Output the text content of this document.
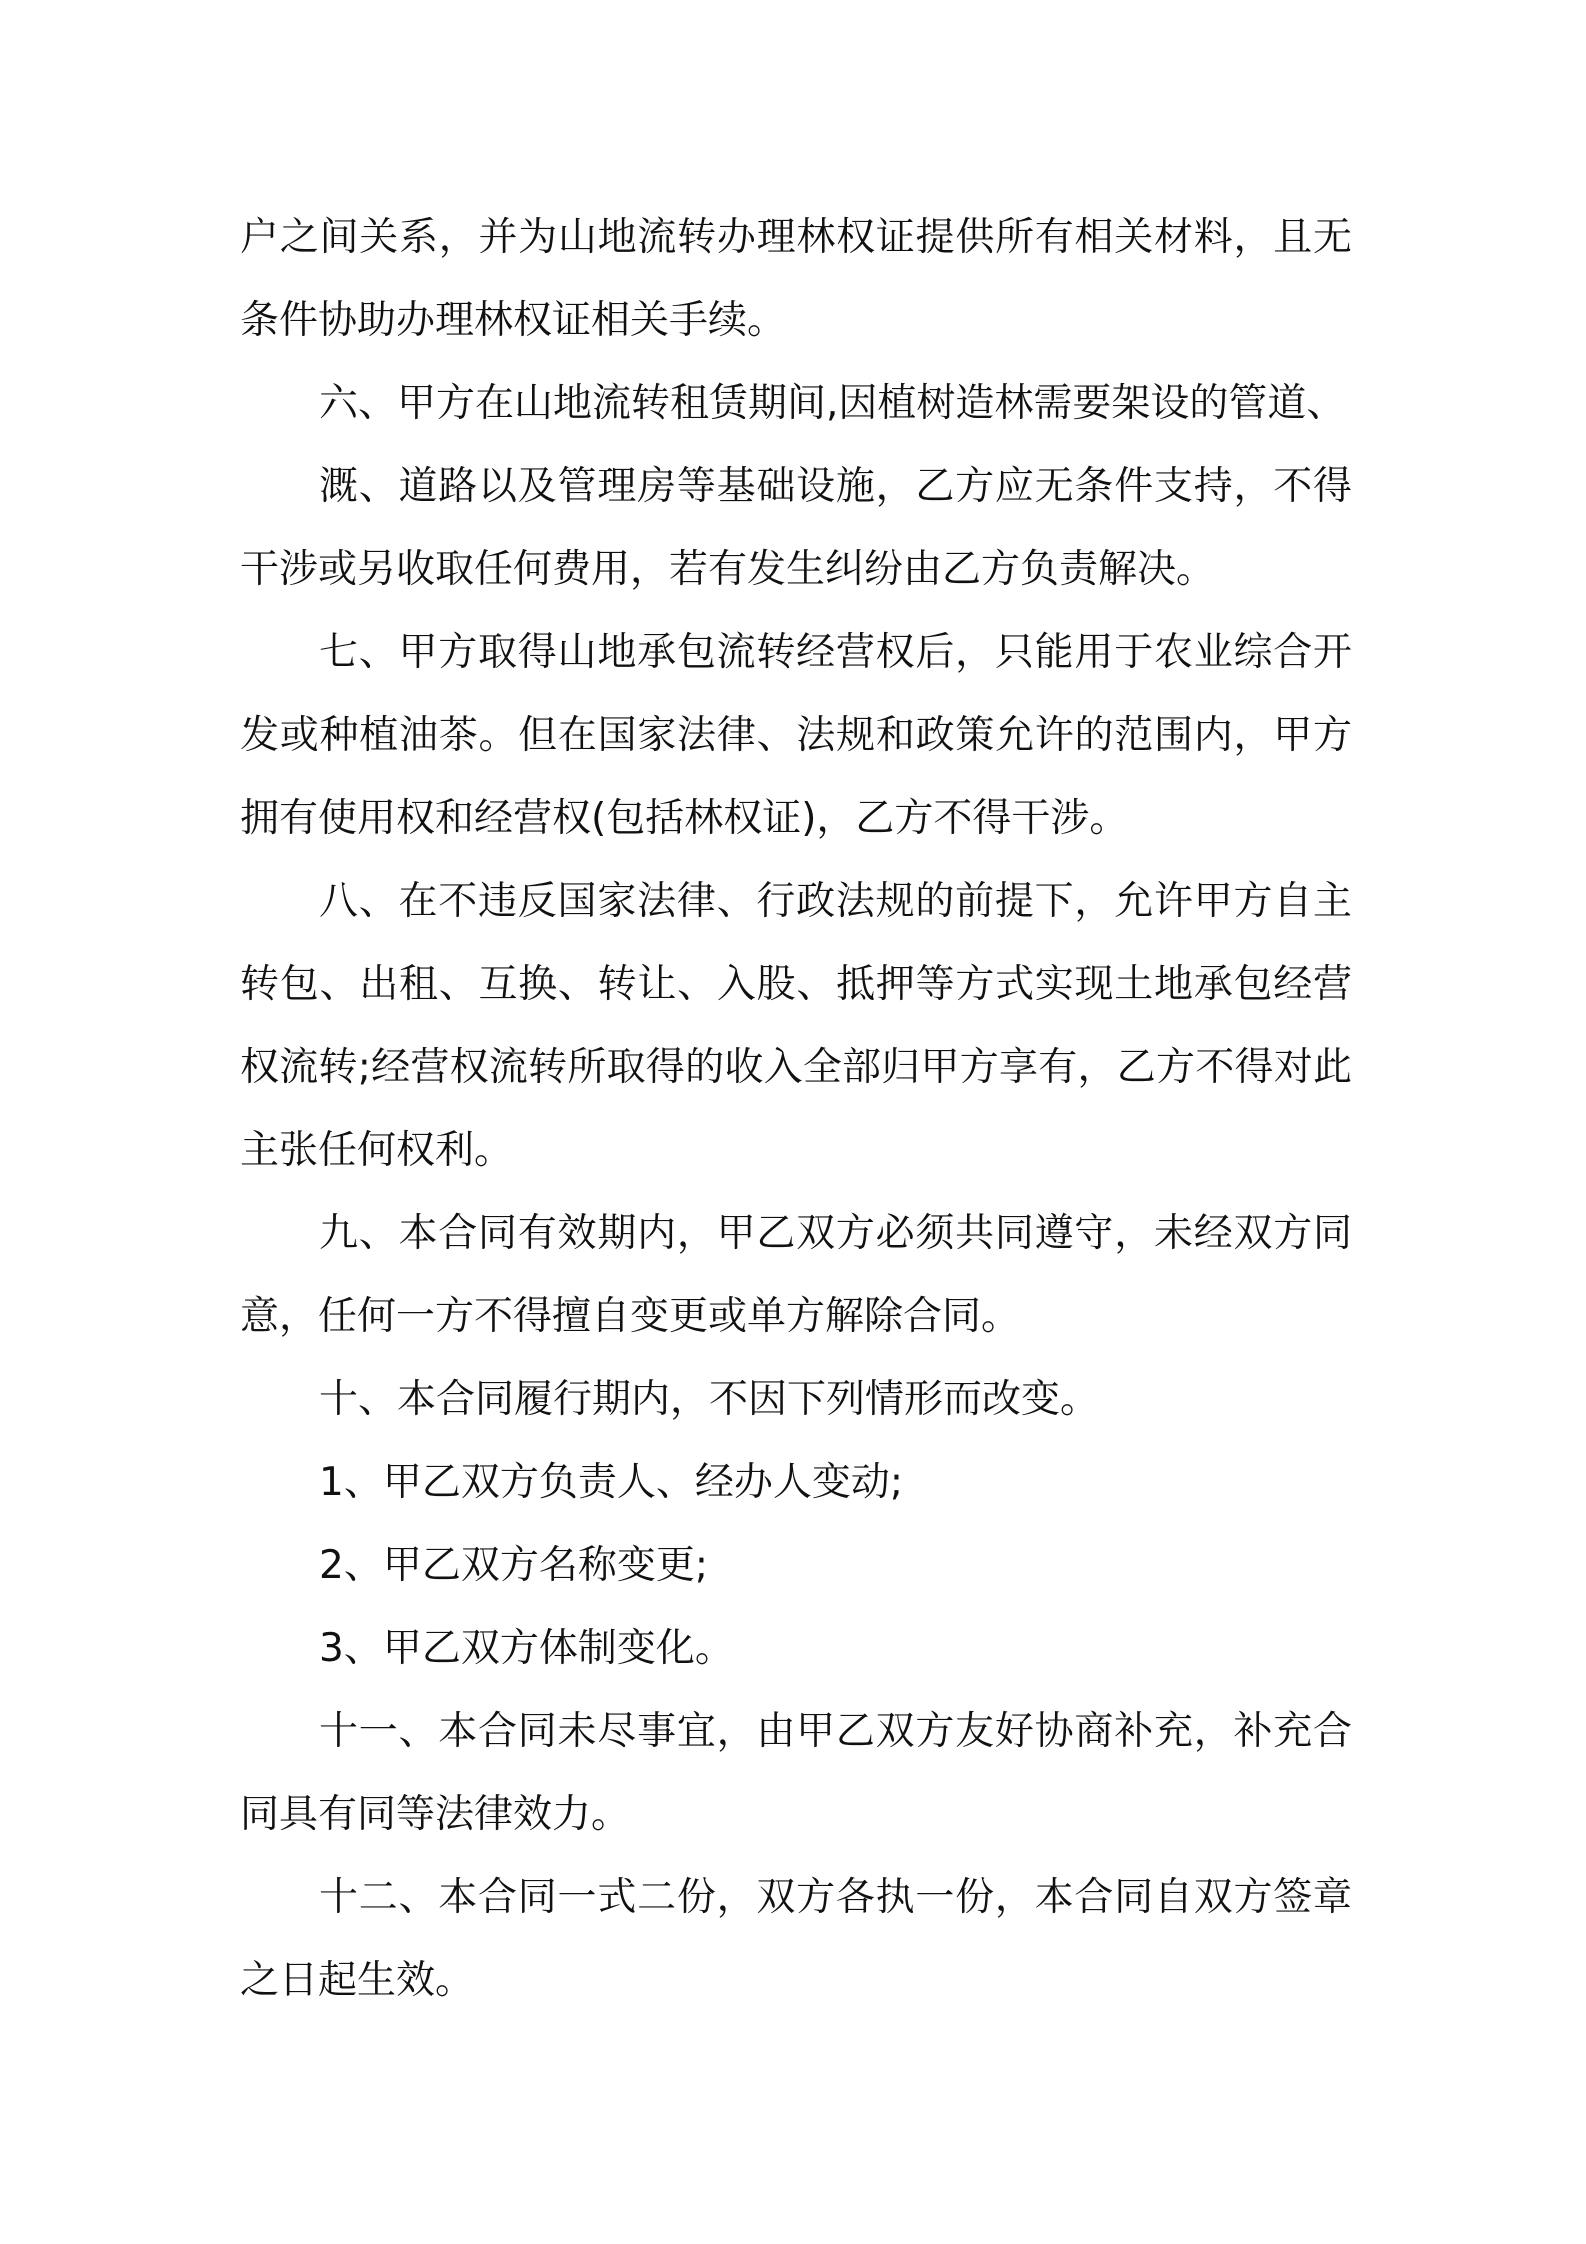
户之间关系，并为山地流转办理林权证提供所有相关材料，且无条件协助办理林权证相关手续。

六、甲方在山地流转租赁期间,因植树造林需要架设的管道、

溉、道路以及管理房等基础设施，乙方应无条件支持，不得干涉或另收取任何费用，若有发生纠纷由乙方负责解决。

七、甲方取得山地承包流转经营权后，只能用于农业综合开发或种植油茶。但在国家法律、法规和政策允许的范围内，甲方拥有使用权和经营权(包括林权证)，乙方不得干涉。

八、在不违反国家法律、行政法规的前提下，允许甲方自主转包、出租、互换、转让、入股、抵押等方式实现土地承包经营权流转;经营权流转所取得的收入全部归甲方享有，乙方不得对此主张任何权利。

九、本合同有效期内，甲乙双方必须共同遵守，未经双方同意，任何一方不得擅自变更或单方解除合同。

十、本合同履行期内，不因下列情形而改变。

1、甲乙双方负责人、经办人变动;

2、甲乙双方名称变更;

3、甲乙双方体制变化。

十一、本合同未尽事宜，由甲乙双方友好协商补充，补充合同具有同等法律效力。

十二、本合同一式二份，双方各执一份，本合同自双方签章之日起生效。
